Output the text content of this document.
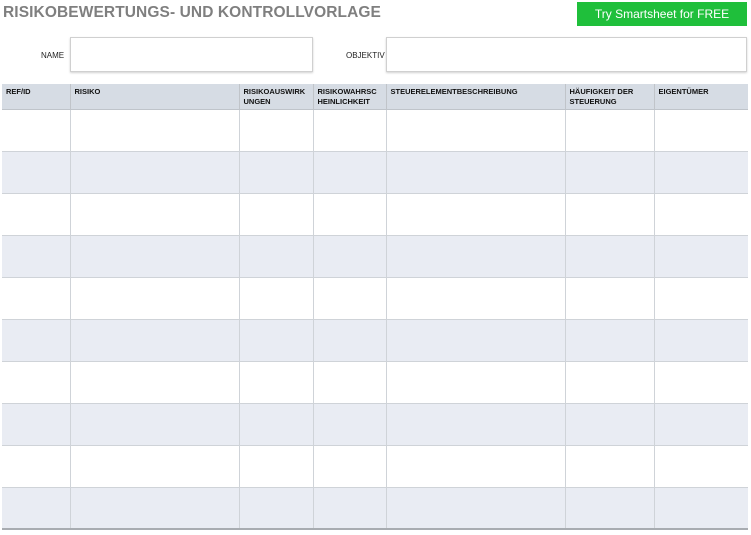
RISIKOBEWERTUNGS- UND KONTROLLVORLAGE	Try Smartsheet for FREE
NAME	OBJEKTIV
REF/ID	RISIKO	RISIKOAUSWIRK UNGEN	RISIKOWAHRSC HEINLICHKEIT	STEUERELEMENTBESCHREIBUNG	HÄUFIGKEIT DER STEUERUNG	EIGENTÜMER
